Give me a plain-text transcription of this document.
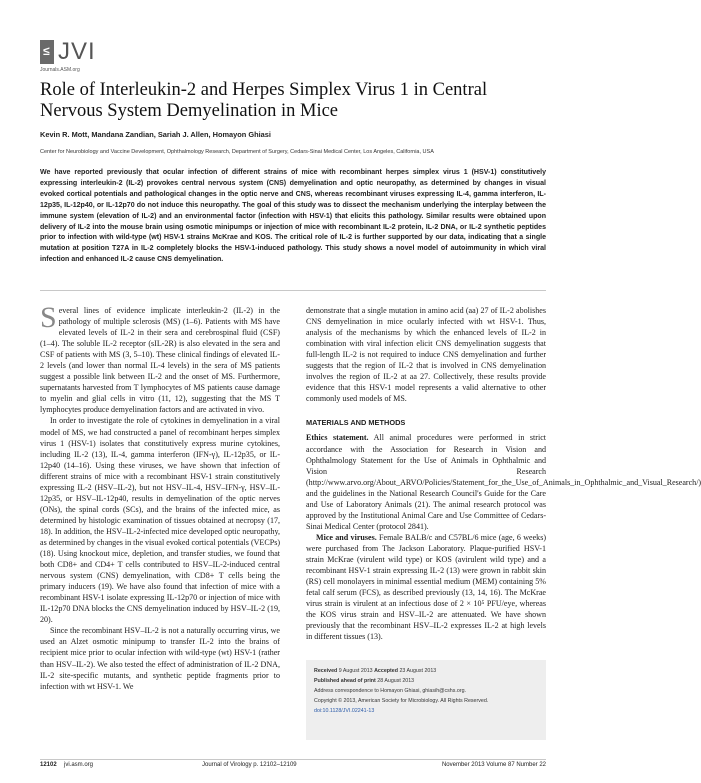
≤ JVI
Journals.ASM.org
Role of Interleukin-2 and Herpes Simplex Virus 1 in Central Nervous System Demyelination in Mice
Kevin R. Mott, Mandana Zandian, Sariah J. Allen, Homayon Ghiasi
Center for Neurobiology and Vaccine Development, Ophthalmology Research, Department of Surgery, Cedars-Sinai Medical Center, Los Angeles, California, USA
We have reported previously that ocular infection of different strains of mice with recombinant herpes simplex virus 1 (HSV-1) constitutively expressing interleukin-2 (IL-2) provokes central nervous system (CNS) demyelination and optic neuropathy, as determined by changes in visual evoked cortical potentials and pathological changes in the optic nerve and CNS, whereas recombinant viruses expressing IL-4, gamma interferon, IL-12p35, IL-12p40, or IL-12p70 do not induce this neuropathy. The goal of this study was to dissect the mechanism underlying the interplay between the immune system (elevation of IL-2) and an environmental factor (infection with HSV-1) that elicits this pathology. Similar results were obtained upon delivery of IL-2 into the mouse brain using osmotic minipumps or injection of mice with recombinant IL-2 protein, IL-2 DNA, or IL-2 synthetic peptides prior to infection with wild-type (wt) HSV-1 strains McKrae and KOS. The critical role of IL-2 is further supported by our data, indicating that a single mutation at position T27A in IL-2 completely blocks the HSV-1-induced pathology. This study shows a novel model of autoimmunity in which viral infection and enhanced IL-2 cause CNS demyelination.

Several lines of evidence implicate interleukin-2 (IL-2) in the pathology of multiple sclerosis (MS) (1–6). Patients with MS have elevated levels of IL-2 in their sera and cerebrospinal fluid (CSF) (1–4). The soluble IL-2 receptor (sIL-2R) is also elevated in the sera and CSF of patients with MS (3, 5–10). These clinical findings of elevated IL-2 levels (and lower than normal IL-4 levels) in the sera of MS patients suggest a possible link between IL-2 and the onset of MS. Furthermore, supernatants harvested from T lymphocytes of MS patients cause damage to myelin and glial cells in vitro (11, 12), suggesting that the MS T lymphocytes produce demyelination factors and are activated in vivo.

In order to investigate the role of cytokines in demyelination in a viral model of MS, we had constructed a panel of recombinant herpes simplex virus 1 (HSV-1) isolates that constitutively express murine cytokines, including IL-2 (13), IL-4, gamma interferon (IFN-γ), IL-12p35, or IL-12p40 (14–16). Using these viruses, we have shown that infection of different strains of mice with a recombinant HSV-1 strain constitutively expressing IL-2 (HSV–IL-2), but not HSV–IL-4, HSV–IFN-γ, HSV–IL-12p35, or HSV–IL-12p40, results in demyelination of the optic nerves (ONs), the spinal cords (SCs), and the brains of the infected mice, as determined by histologic examination of tissues obtained at necropsy (17, 18). In addition, the HSV–IL-2-infected mice developed optic neuropathy, as determined by changes in the visual evoked cortical potentials (VECPs) (18). Using knockout mice, depletion, and transfer studies, we found that both CD8+ and CD4+ T cells contributed to HSV–IL-2-induced central nervous system (CNS) demyelination, with CD8+ T cells being the primary inducers (19). We have also found that infection of mice with a recombinant HSV-1 isolate expressing IL-12p70 or injection of mice with IL-12p70 DNA blocks the CNS demyelination induced by HSV–IL-2 (19, 20).

Since the recombinant HSV–IL-2 is not a naturally occurring virus, we used an Alzet osmotic minipump to transfer IL-2 into the brains of recipient mice prior to ocular infection with wild-type (wt) HSV-1 (rather than HSV–IL-2). We also tested the effect of administration of IL-2 DNA, IL-2 site-specific mutants, and synthetic peptide fragments prior to infection with wt HSV-1. We

demonstrate that a single mutation in amino acid (aa) 27 of IL-2 abolishes CNS demyelination in mice ocularly infected with wt HSV-1. Thus, analysis of the mechanisms by which the enhanced levels of IL-2 in combination with viral infection elicit CNS demyelination suggests that full-length IL-2 is not required to induce CNS demyelination and further suggests that the region of IL-2 that is involved in CNS demyelination involves the region of IL-2 at aa 27. Collectively, these results provide evidence that this HSV-1 model represents a valid alternative to other commonly used models of MS.

MATERIALS AND METHODS

Ethics statement. All animal procedures were performed in strict accordance with the Association for Research in Vision and Ophthalmology Statement for the Use of Animals in Ophthalmic and Vision Research (http://www.arvo.org/About_ARVO/Policies/Statement_for_the_Use_of_Animals_in_Ophthalmic_and_Visual_Research/) and the guidelines in the National Research Council's Guide for the Care and Use of Laboratory Animals (21). The animal research protocol was approved by the Institutional Animal Care and Use Committee of Cedars-Sinai Medical Center (protocol 2841).

Mice and viruses. Female BALB/c and C57BL/6 mice (age, 6 weeks) were purchased from The Jackson Laboratory. Plaque-purified HSV-1 strain McKrae (virulent wild type) or KOS (avirulent wild type) and a recombinant HSV-1 strain expressing IL-2 (13) were grown in rabbit skin (RS) cell monolayers in minimal essential medium (MEM) containing 5% fetal calf serum (FCS), as described previously (13, 14, 16). The McKrae virus strain is virulent at an infectious dose of 2 × 10⁵ PFU/eye, whereas the KOS virus strain and HSV–IL-2 are attenuated. We have shown previously that the recombinant HSV–IL-2 expresses IL-2 at high levels in different tissues (13).

Received 9 August 2013 Accepted 23 August 2013
Published ahead of print 28 August 2013
Address correspondence to Homayon Ghiasi, ghiasih@cshs.org.
Copyright © 2013, American Society for Microbiology. All Rights Reserved.
doi:10.1128/JVI.02241-13
12102 jvi.asm.org	Journal of Virology p. 12102–12109	November 2013 Volume 87 Number 22
